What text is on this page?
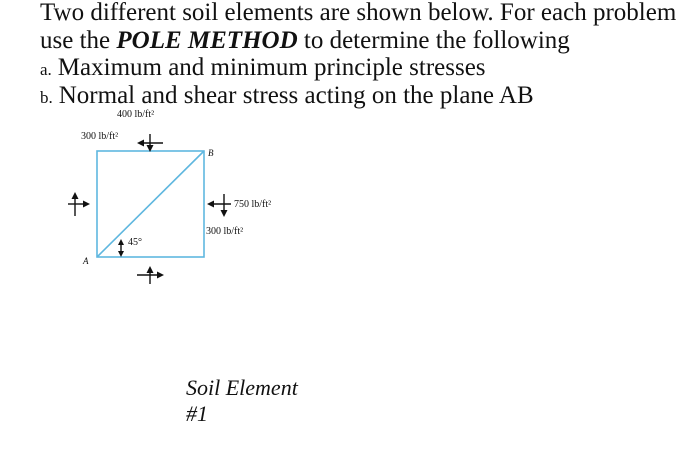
Two different soil elements are shown below. For each problem
use the POLE METHOD to determine the following
a. Maximum and minimum principle stresses
b. Normal and shear stress acting on the plane AB
400 lb/ft²
300 lb/ft²
750 lb/ft²
300 lb/ft²
B
A
45°
Soil Element
#1
